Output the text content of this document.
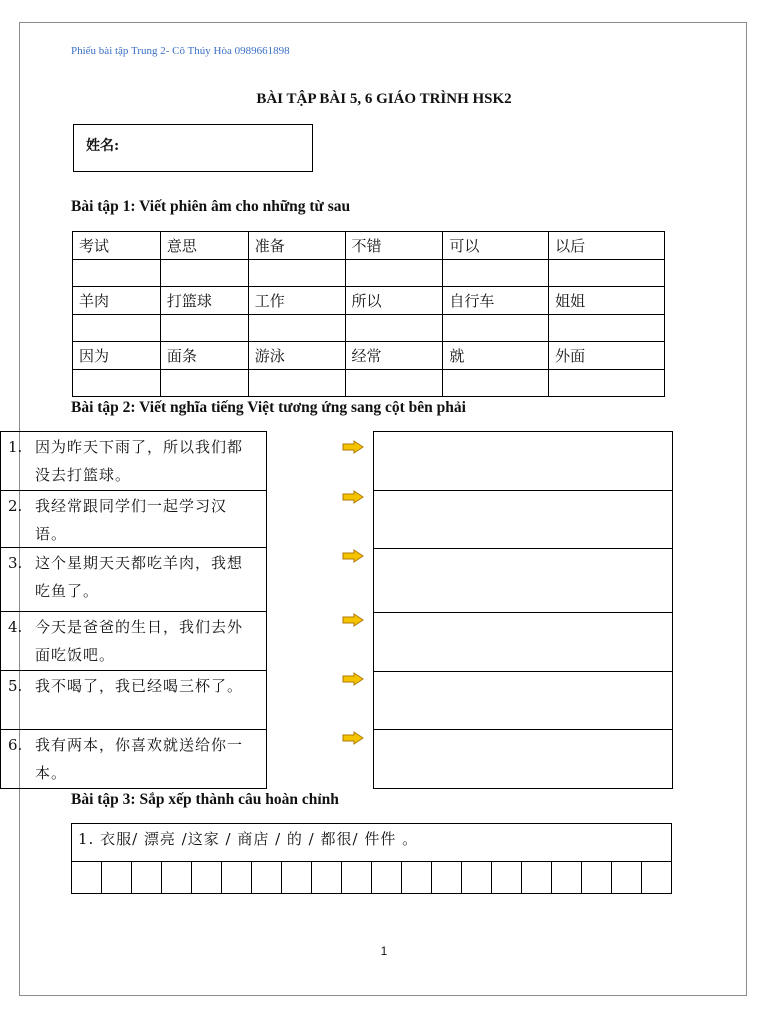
Phiếu bài tập Trung 2- Cô Thúy Hòa 0989661898
BÀI TẬP BÀI 5, 6 GIÁO TRÌNH HSK2
姓名:
Bài tập 1: Viết phiên âm cho những từ sau
考试	意思	准备	不错	可以	以后

羊肉	打篮球	工作	所以	自行车	姐姐

因为	面条	游泳	经常	就	外面

Bài tập 2: Viết nghĩa tiếng Việt tương ứng sang cột bên phải
1. 因为昨天下雨了，所以我们都没去打篮球。
2. 我经常跟同学们一起学习汉语。
3. 这个星期天天都吃羊肉，我想吃鱼了。
4. 今天是爸爸的生日，我们去外面吃饭吧。
5. 我不喝了，我已经喝三杯了。
6. 我有两本，你喜欢就送给你一本。
Bài tập 3: Sắp xếp thành câu hoàn chỉnh
1. 衣服/ 漂亮 /这家 / 商店 / 的 / 都很/ 件件 。
1
